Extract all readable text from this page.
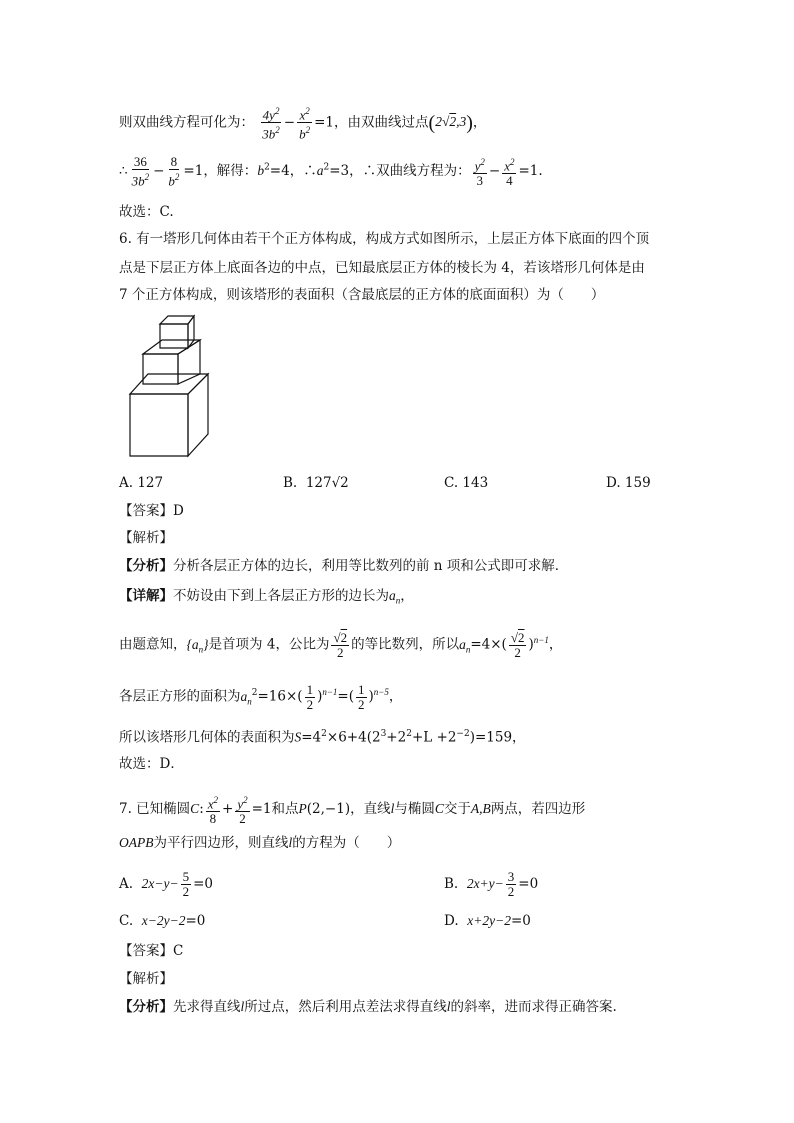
则双曲线方程可化为： $\frac{4y^2}{3b^2} - \frac{x^2}{b^2} =1$，由双曲线过点(2√2,3)，
∴ $\frac{36}{3b^2} - \frac{8}{b^2} =1$，解得：$b^2=4$，$\therefore a^2=3$，∴双曲线方程为： $\frac{y^2}{3} - \frac{x^2}{4} =1$.
故选：C.
6. 有一塔形几何体由若干个正方体构成，构成方式如图所示，上层正方体下底面的四个顶
点是下层正方体上底面各边的中点，已知最底层正方体的棱长为 4，若该塔形几何体是由
7 个正方体构成，则该塔形的表面积（含最底层的正方体的底面面积）为（　　）
A. 127	B. 127√2	C. 143	D. 159
【答案】D
【解析】
【分析】分析各层正方体的边长，利用等比数列的前 n 项和公式即可求解．
【详解】不妨设由下到上各层正方形的边长为$a_n$，
由题意知，$\{a_n\}$是首项为 4，公比为 $\frac{√2}{2}$ 的等比数列，所以$a_n=4\times( \frac{√2}{2} )^{n-1}$，
各层正方形的面积为$a_n^2=16\times( \frac{1}{2} )^{n-1}=( \frac{1}{2} )^{n-5}$，
所以该塔形几何体的表面积为$S=4^2\times 6+4(2^3+2^2+L +2^{-2})=159$，
故选：D．
7. 已知椭圆C: $\frac{x^2}{8} + \frac{y^2}{2} =1$和点P(2,−1)，直线l与椭圆C交于A,B两点，若四边形
OAPB为平行四边形，则直线l的方程为（　　）
A. $2x-y- \frac{5}{2} =0$	B. $2x+y- \frac{3}{2} =0$
C. x−2y−2=0	D. x+2y−2=0
【答案】C
【解析】
【分析】先求得直线l所过点，然后利用点差法求得直线l的斜率，进而求得正确答案.
